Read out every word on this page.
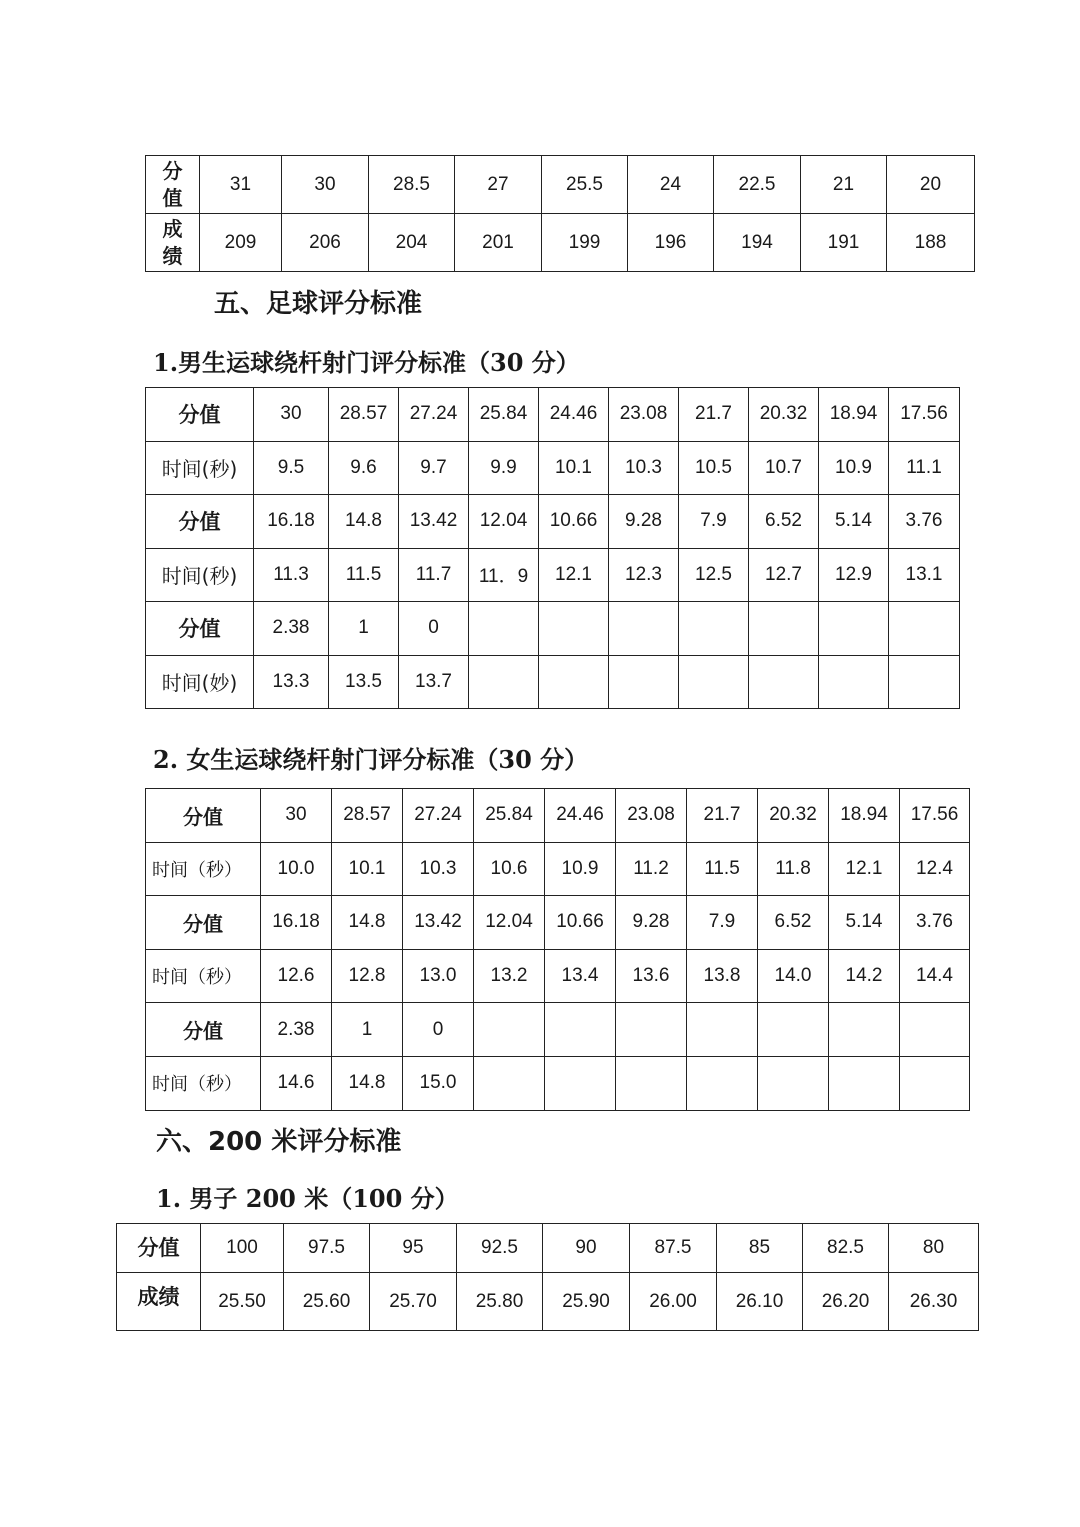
分
值	31	30	28.5	27	25.5	24	22.5	21	20
成
绩	209	206	204	201	199	196	194	191	188
五、足球评分标准
1.男生运球绕杆射门评分标准（30 分）
分值	30	28.57	27.24	25.84	24.46	23.08	21.7	20.32	18.94	17.56
时间(秒)	9.5	9.6	9.7	9.9	10.1	10.3	10.5	10.7	10.9	11.1
分值	16.18	14.8	13.42	12.04	10.66	9.28	7.9	6.52	5.14	3.76
时间(秒)	11.3	11.5	11.7	11．9	12.1	12.3	12.5	12.7	12.9	13.1
分值	2.38	1	0							
时间(妙)	13.3	13.5	13.7							
2. 女生运球绕杆射门评分标准（30 分）
分值	30	28.57	27.24	25.84	24.46	23.08	21.7	20.32	18.94	17.56
时间（秒）	10.0	10.1	10.3	10.6	10.9	11.2	11.5	11.8	12.1	12.4
分值	16.18	14.8	13.42	12.04	10.66	9.28	7.9	6.52	5.14	3.76
时间（秒）	12.6	12.8	13.0	13.2	13.4	13.6	13.8	14.0	14.2	14.4
分值	2.38	1	0							
时间（秒）	14.6	14.8	15.0							
六、200 米评分标准
1. 男子 200 米（100 分）
分值	100	97.5	95	92.5	90	87.5	85	82.5	80
成绩	25.50	25.60	25.70	25.80	25.90	26.00	26.10	26.20	26.30
